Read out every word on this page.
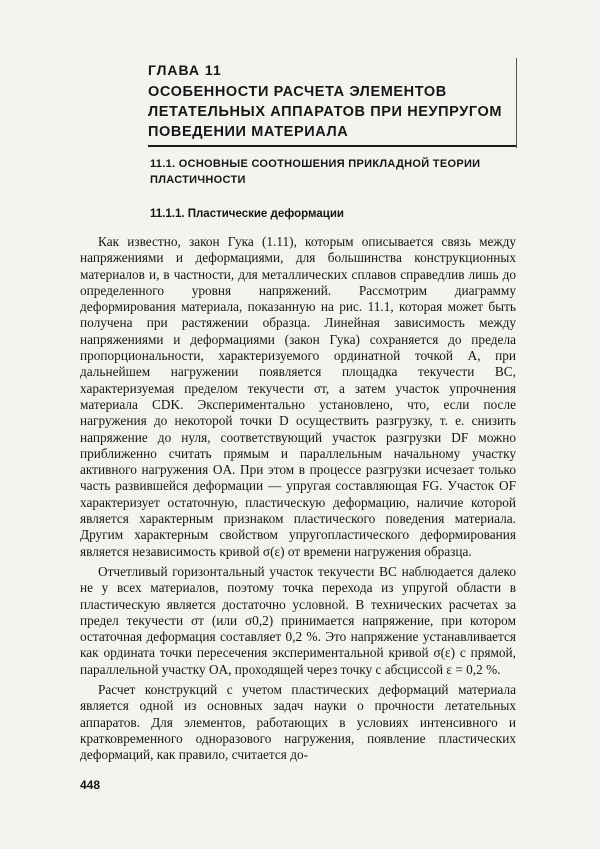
ГЛАВА 11
ОСОБЕННОСТИ РАСЧЕТА ЭЛЕМЕНТОВ ЛЕТАТЕЛЬНЫХ АППАРАТОВ ПРИ НЕУПРУГОМ ПОВЕДЕНИИ МАТЕРИАЛА
11.1. ОСНОВНЫЕ СООТНОШЕНИЯ ПРИКЛАДНОЙ ТЕОРИИ ПЛАСТИЧНОСТИ
11.1.1. Пластические деформации

Как известно, закон Гука (1.11), которым описывается связь между напряжениями и деформациями, для большинства конструкционных материалов и, в частности, для металлических сплавов справедлив лишь до определенного уровня напряжений. Рассмотрим диаграмму деформирования материала, показанную на рис. 11.1, которая может быть получена при растяжении образца. Линейная зависимость между напряжениями и деформациями (закон Гука) сохраняется до предела пропорциональности, характеризуемого ординатной точкой A, при дальнейшем нагружении появляется площадка текучести BC, характеризуемая пределом текучести σт, а затем участок упрочнения материала CDK. Экспериментально установлено, что, если после нагружения до некоторой точки D осуществить разгрузку, т. е. снизить напряжение до нуля, соответствующий участок разгрузки DF можно приближенно считать прямым и параллельным начальному участку активного нагружения OA. При этом в процессе разгрузки исчезает только часть развившейся деформации — упругая составляющая FG. Участок OF характеризует остаточную, пластическую деформацию, наличие которой является характерным признаком пластического поведения материала. Другим характерным свойством упругопластического деформирования является независимость кривой σ(ε) от времени нагружения образца.

Отчетливый горизонтальный участок текучести BC наблюдается далеко не у всех материалов, поэтому точка перехода из упругой области в пластическую является достаточно условной. В технических расчетах за предел текучести σт (или σ0,2) принимается напряжение, при котором остаточная деформация составляет 0,2 %. Это напряжение устанавливается как ордината точки пересечения экспериментальной кривой σ(ε) с прямой, параллельной участку OA, проходящей через точку с абсциссой ε = 0,2 %.

Расчет конструкций с учетом пластических деформаций материала является одной из основных задач науки о прочности летательных аппаратов. Для элементов, работающих в условиях интенсивного и кратковременного одноразового нагружения, появление пластических деформаций, как правило, считается до-

448
